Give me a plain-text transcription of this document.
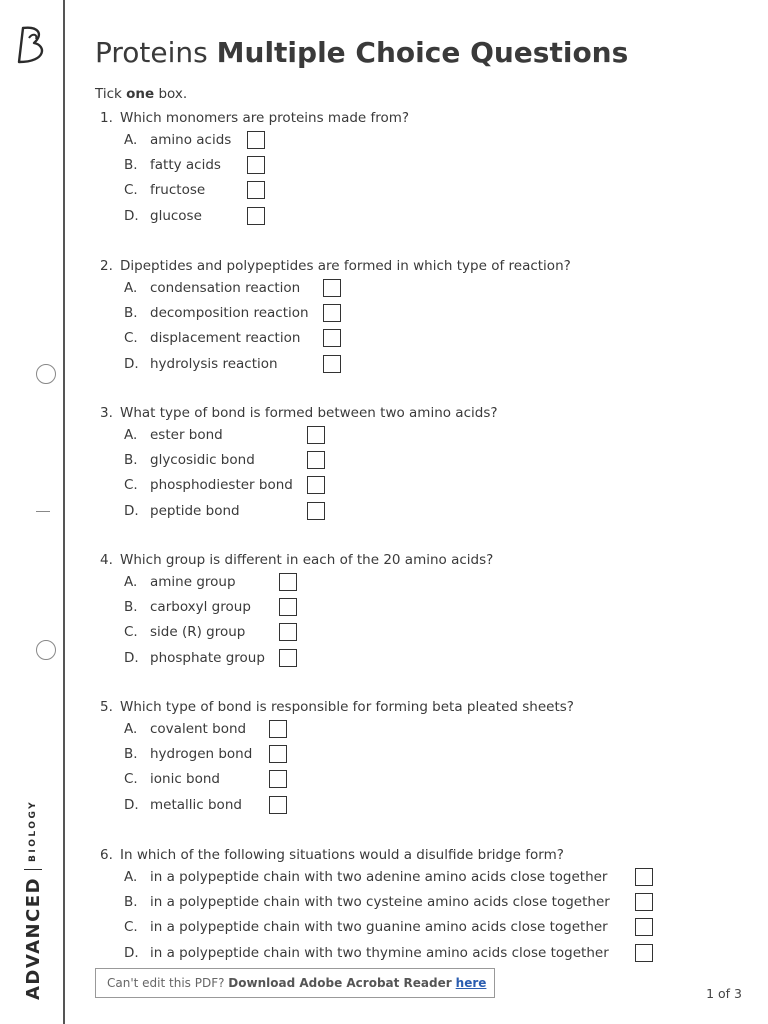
ADVANCED
BIOLOGY
Proteins Multiple Choice Questions
Tick one box.
1. Which monomers are proteins made from?
A. amino acids
B. fatty acids
C. fructose
D. glucose
2. Dipeptides and polypeptides are formed in which type of reaction?
A. condensation reaction
B. decomposition reaction
C. displacement reaction
D. hydrolysis reaction
3. What type of bond is formed between two amino acids?
A. ester bond
B. glycosidic bond
C. phosphodiester bond
D. peptide bond
4. Which group is different in each of the 20 amino acids?
A. amine group
B. carboxyl group
C. side (R) group
D. phosphate group
5. Which type of bond is responsible for forming beta pleated sheets?
A. covalent bond
B. hydrogen bond
C. ionic bond
D. metallic bond
6. In which of the following situations would a disulfide bridge form?
A. in a polypeptide chain with two adenine amino acids close together
B. in a polypeptide chain with two cysteine amino acids close together
C. in a polypeptide chain with two guanine amino acids close together
D. in a polypeptide chain with two thymine amino acids close together
Can't edit this PDF?
Download Adobe Acrobat Reader here
1 of 3
